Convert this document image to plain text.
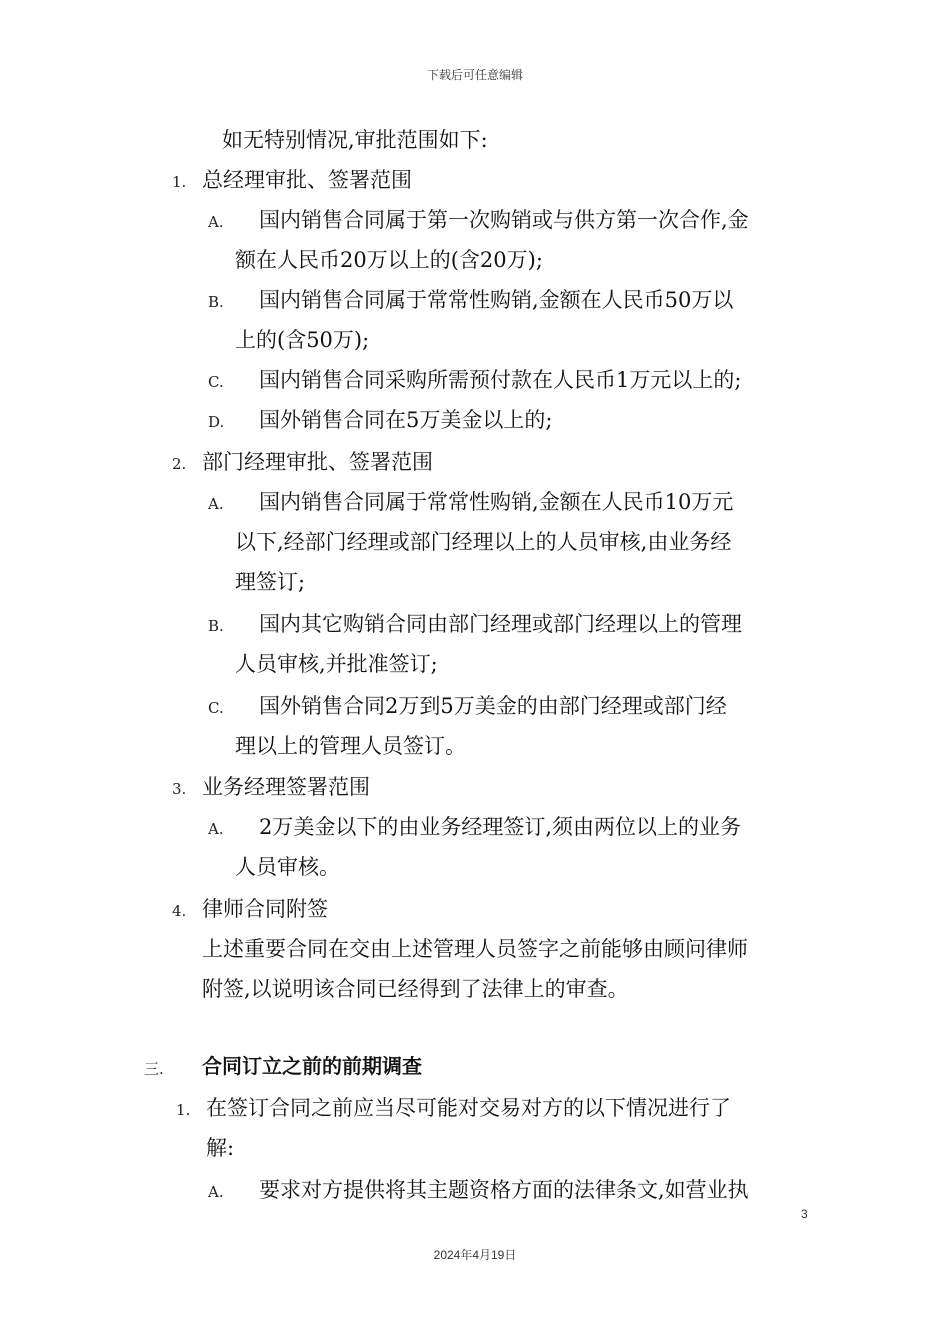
下载后可任意编辑
如无特别情况,审批范围如下:
1. 总经理审批、签署范围
A. 国内销售合同属于第一次购销或与供方第一次合作,金
额在人民币20万以上的(含20万);
B. 国内销售合同属于常常性购销,金额在人民币50万以
上的(含50万);
C. 国内销售合同采购所需预付款在人民币1万元以上的;
D. 国外销售合同在5万美金以上的;
2. 部门经理审批、签署范围
A. 国内销售合同属于常常性购销,金额在人民币10万元
以下,经部门经理或部门经理以上的人员审核,由业务经
理签订;
B. 国内其它购销合同由部门经理或部门经理以上的管理
人员审核,并批准签订;
C. 国外销售合同2万到5万美金的由部门经理或部门经
理以上的管理人员签订。
3. 业务经理签署范围
A. 2万美金以下的由业务经理签订,须由两位以上的业务
人员审核。
4. 律师合同附签
上述重要合同在交由上述管理人员签字之前能够由顾问律师
附签,以说明该合同已经得到了法律上的审查。
三. 合同订立之前的前期调查
1. 在签订合同之前应当尽可能对交易对方的以下情况进行了
解:
A. 要求对方提供将其主题资格方面的法律条文,如营业执
3
2024年4月19日
